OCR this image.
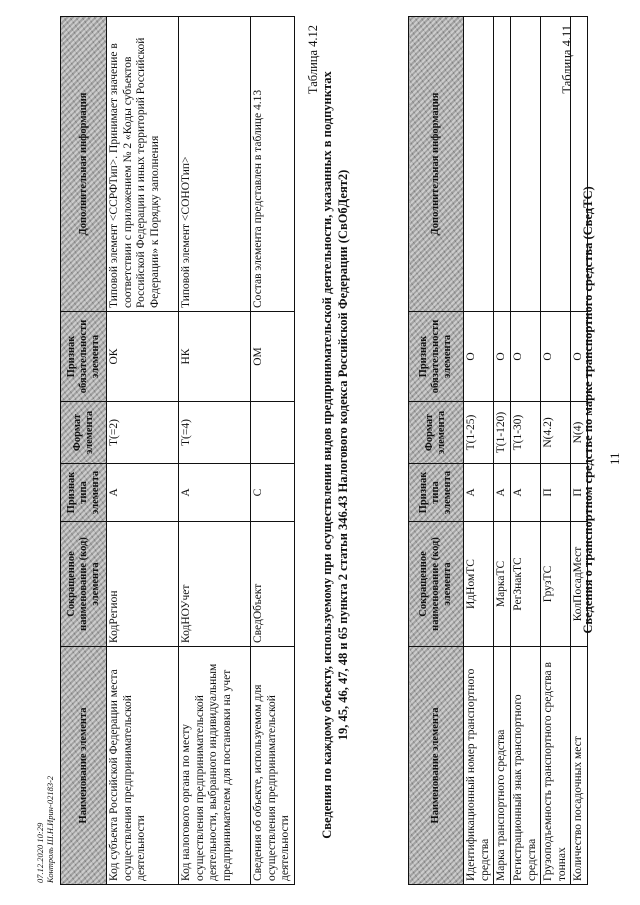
11
Таблица 4.11
Сведения о транспортном средстве по марке транспортного средства (СведТС)
Наименование элемента	Сокращенное наименование (код) элемента	Признак типа элемента	Формат элемента	Признак обязательности элемента	Дополнительная информация
Идентификационный номер транспортного средства	ИдНомТС	А	T(1-25)	О	
Марка транспортного средства	МаркаТС	А	T(1-120)	О	
Регистрационный знак транспортного средства	РегЗнакТС	А	T(1-30)	О	
Грузоподъемность транспортного средства в тоннах	ГрузТС	П	N(4.2)	О	
Количество посадочных мест	КолПосадМест	П	N(4)	О	
Таблица 4.12
Сведения по каждому объекту, используемому при осуществлении видов предпринимательской деятельности, указанных в подпунктах 19, 45, 46, 47, 48 и 65 пункта 2 статьи 346.43 Налогового кодекса Российской Федерации (СвОбДеят2)
Наименование элемента	Сокращенное наименование (код) элемента	Признак типа элемента	Формат элемента	Признак обязательности элемента	Дополнительная информация
Код субъекта Российской Федерации места осуществления предпринимательской деятельности	КодРегион	А	T(=2)	ОК	Типовой элемент <ССРФТип>. Принимает значение в соответствии с приложением № 2 «Коды субъектов Российской Федерации и иных территорий Российской Федерации» к Порядку заполнения
Код налогового органа по месту осуществления предпринимательской деятельности, выбранного индивидуальным предпринимателем для постановки на учет	КодНОУчет	А	T(=4)	НК	Типовой элемент <СОНОТип>
Сведения об объекте, используемом для осуществления предпринимательской деятельности	СведОбъект	С		ОМ	Состав элемента представлен в таблице 4.13
07.12.2020 10:29 Контроль Ш.Н.Ирин-02183-2
